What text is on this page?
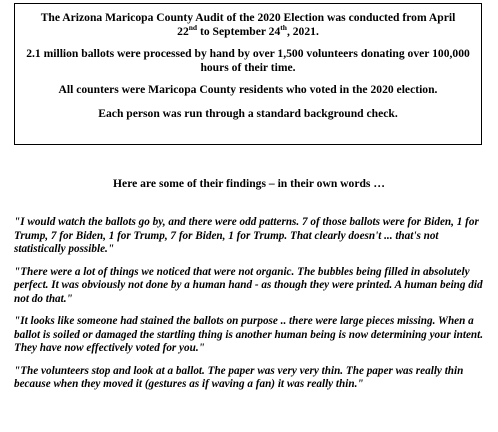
The Arizona Maricopa County Audit of the 2020 Election was conducted from April
22nd to September 24th, 2021.

2.1 million ballots were processed by hand by over 1,500 volunteers donating over 100,000 hours of their time.

All counters were Maricopa County residents who voted in the 2020 election.

Each person was run through a standard background check.

Here are some of their findings – in their own words …

"I would watch the ballots go by, and there were odd patterns. 7 of those ballots were for Biden, 1 for Trump, 7 for Biden, 1 for Trump, 7 for Biden, 1 for Trump. That clearly doesn't ... that's not statistically possible."

"There were a lot of things we noticed that were not organic. The bubbles being filled in absolutely perfect. It was obviously not done by a human hand - as though they were printed. A human being did not do that."

"It looks like someone had stained the ballots on purpose .. there were large pieces missing. When a ballot is soiled or damaged the startling thing is another human being is now determining your intent. They have now effectively voted for you."

"The volunteers stop and look at a ballot. The paper was very very thin. The paper was really thin because when they moved it (gestures as if waving a fan) it was really thin."
